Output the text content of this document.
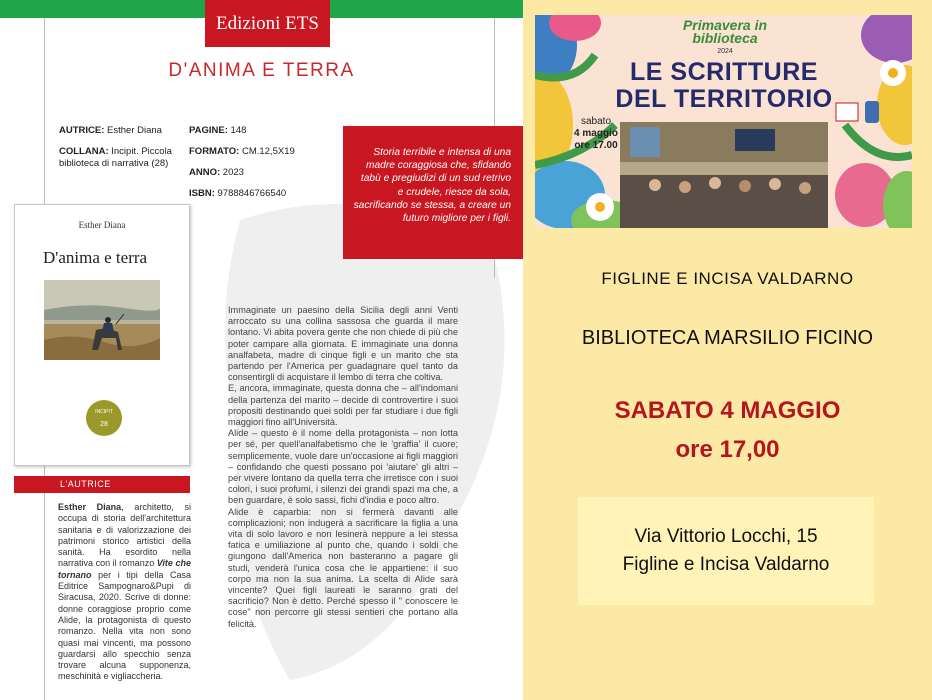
Edizioni ETS
D'ANIMA E TERRA
AUTRICE: Esther Diana
COLLANA: Incipit. Piccola biblioteca di narrativa (28)
PAGINE: 148
FORMATO: CM.12,5X19
ANNO: 2023
ISBN: 9788846766540
Storia terribile e intensa di una madre coraggiosa che, sfidando tabù e pregiudizi di un sud retrivo e crudele, riesce da sola, sacrificando se stessa, a creare un futuro migliore per i figli.
Esther Diana
D'anima e terra
INCIPIT
28
L'AUTRICE
Esther Diana, architetto, si occupa di storia dell'architettura sanitaria e di valorizzazione dei patrimoni storico artistici della sanità. Ha esordito nella narrativa con il romanzo Vite che tornano per i tipi della Casa Editrice Sampognaro&Pupi di Siracusa, 2020. Scrive di donne: donne coraggiose proprio come Alide, la protagonista di questo romanzo. Nella vita non sono quasi mai vincenti, ma possono guardarsi allo specchio senza trovare alcuna supponenza, meschinità e vigliaccheria.

Immaginate un paesino della Sicilia degli anni Venti arroccato su una collina sassosa che guarda il mare lontano. Vi abita povera gente che non chiede di più che poter campare alla giornata. E immaginate una donna analfabeta, madre di cinque figli e un marito che sta partendo per l'America per guadagnare quel tanto da consentirgli di acquistare il lembo di terra che coltiva.

E, ancora, immaginate, questa donna che – all'indomani della partenza del marito – decide di controvertire i suoi propositi destinando quei soldi per far studiare i due figli maggiori fino all'Università.

Alide – questo è il nome della protagonista – non lotta per sé, per quell'analfabetismo che le 'graffia' il cuore; semplicemente, vuole dare un'occasione ai figli maggiori – confidando che questi possano poi 'aiutare' gli altri – per vivere lontano da quella terra che irretisce con i suoi colori, i suoi profumi, i silenzi dei grandi spazi ma che, a ben guardare, è solo sassi, fichi d'india e poco altro.

Alide è caparbia: non si fermerà davanti alle complicazioni; non indugerà a sacrificare la figlia a una vita di solo lavoro e non lesinerà neppure a lei stessa fatica e umiliazione al punto che, quando i soldi che giungono dall'America non basteranno a pagare gli studi, venderà l'unica cosa che le appartiene: il suo corpo ma non la sua anima. La scelta di Alide sarà vincente? Quei figli laureati le saranno grati del sacrificio? Non è detto. Perché spesso il " conoscere le cose" non percorre gli stessi sentieri che portano alla felicità.

Primavera in biblioteca
2024
LE SCRITTURE
DEL TERRITORIO
sabato
4 maggio
ore 17.00
FIGLINE E INCISA VALDARNO
BIBLIOTECA MARSILIO FICINO
SABATO 4 MAGGIO
ore 17,00
Via Vittorio Locchi, 15
Figline e Incisa Valdarno
